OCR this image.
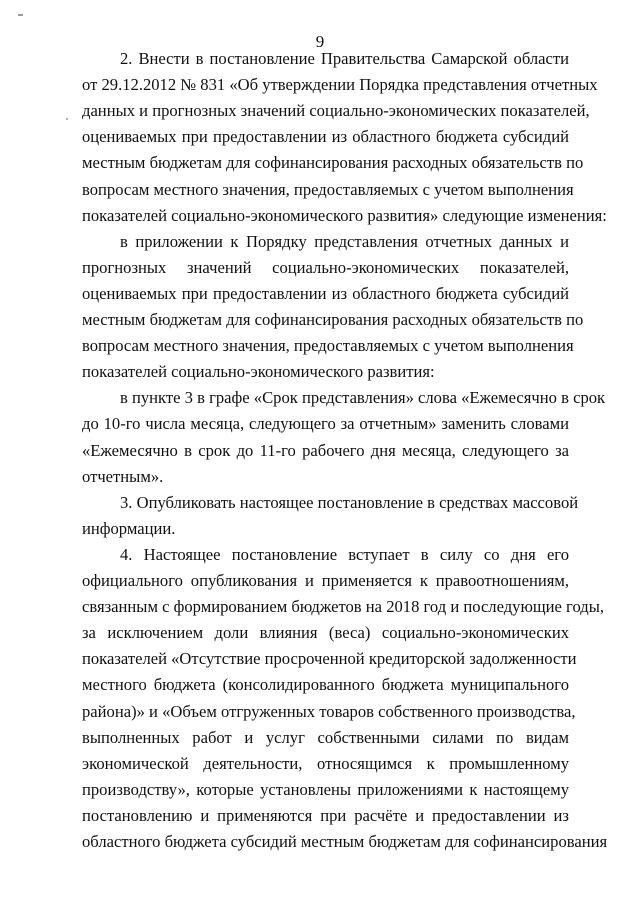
9
2. Внести в постановление Правительства Самарской области
от 29.12.2012 № 831 «Об утверждении Порядка представления отчетных
данных и прогнозных значений социально-экономических показателей,
оцениваемых при предоставлении из областного бюджета субсидий
местным бюджетам для софинансирования расходных обязательств по
вопросам местного значения, предоставляемых с учетом выполнения
показателей социально-экономического развития» следующие изменения:
в приложении к Порядку представления отчетных данных и
прогнозных значений социально-экономических показателей,
оцениваемых при предоставлении из областного бюджета субсидий
местным бюджетам для софинансирования расходных обязательств по
вопросам местного значения, предоставляемых с учетом выполнения
показателей социально-экономического развития:
в пункте 3 в графе «Срок представления» слова «Ежемесячно в срок
до 10-го числа месяца, следующего за отчетным» заменить словами
«Ежемесячно в срок до 11-го рабочего дня месяца, следующего за
отчетным».
3. Опубликовать настоящее постановление в средствах массовой
информации.
4. Настоящее постановление вступает в силу со дня его
официального опубликования и применяется к правоотношениям,
связанным с формированием бюджетов на 2018 год и последующие годы,
за исключением доли влияния (веса) социально-экономических
показателей «Отсутствие просроченной кредиторской задолженности
местного бюджета (консолидированного бюджета муниципального
района)» и «Объем отгруженных товаров собственного производства,
выполненных работ и услуг собственными силами по видам
экономической деятельности, относящимся к промышленному
производству», которые установлены приложениями к настоящему
постановлению и применяются при расчёте и предоставлении из
областного бюджета субсидий местным бюджетам для софинансирования
